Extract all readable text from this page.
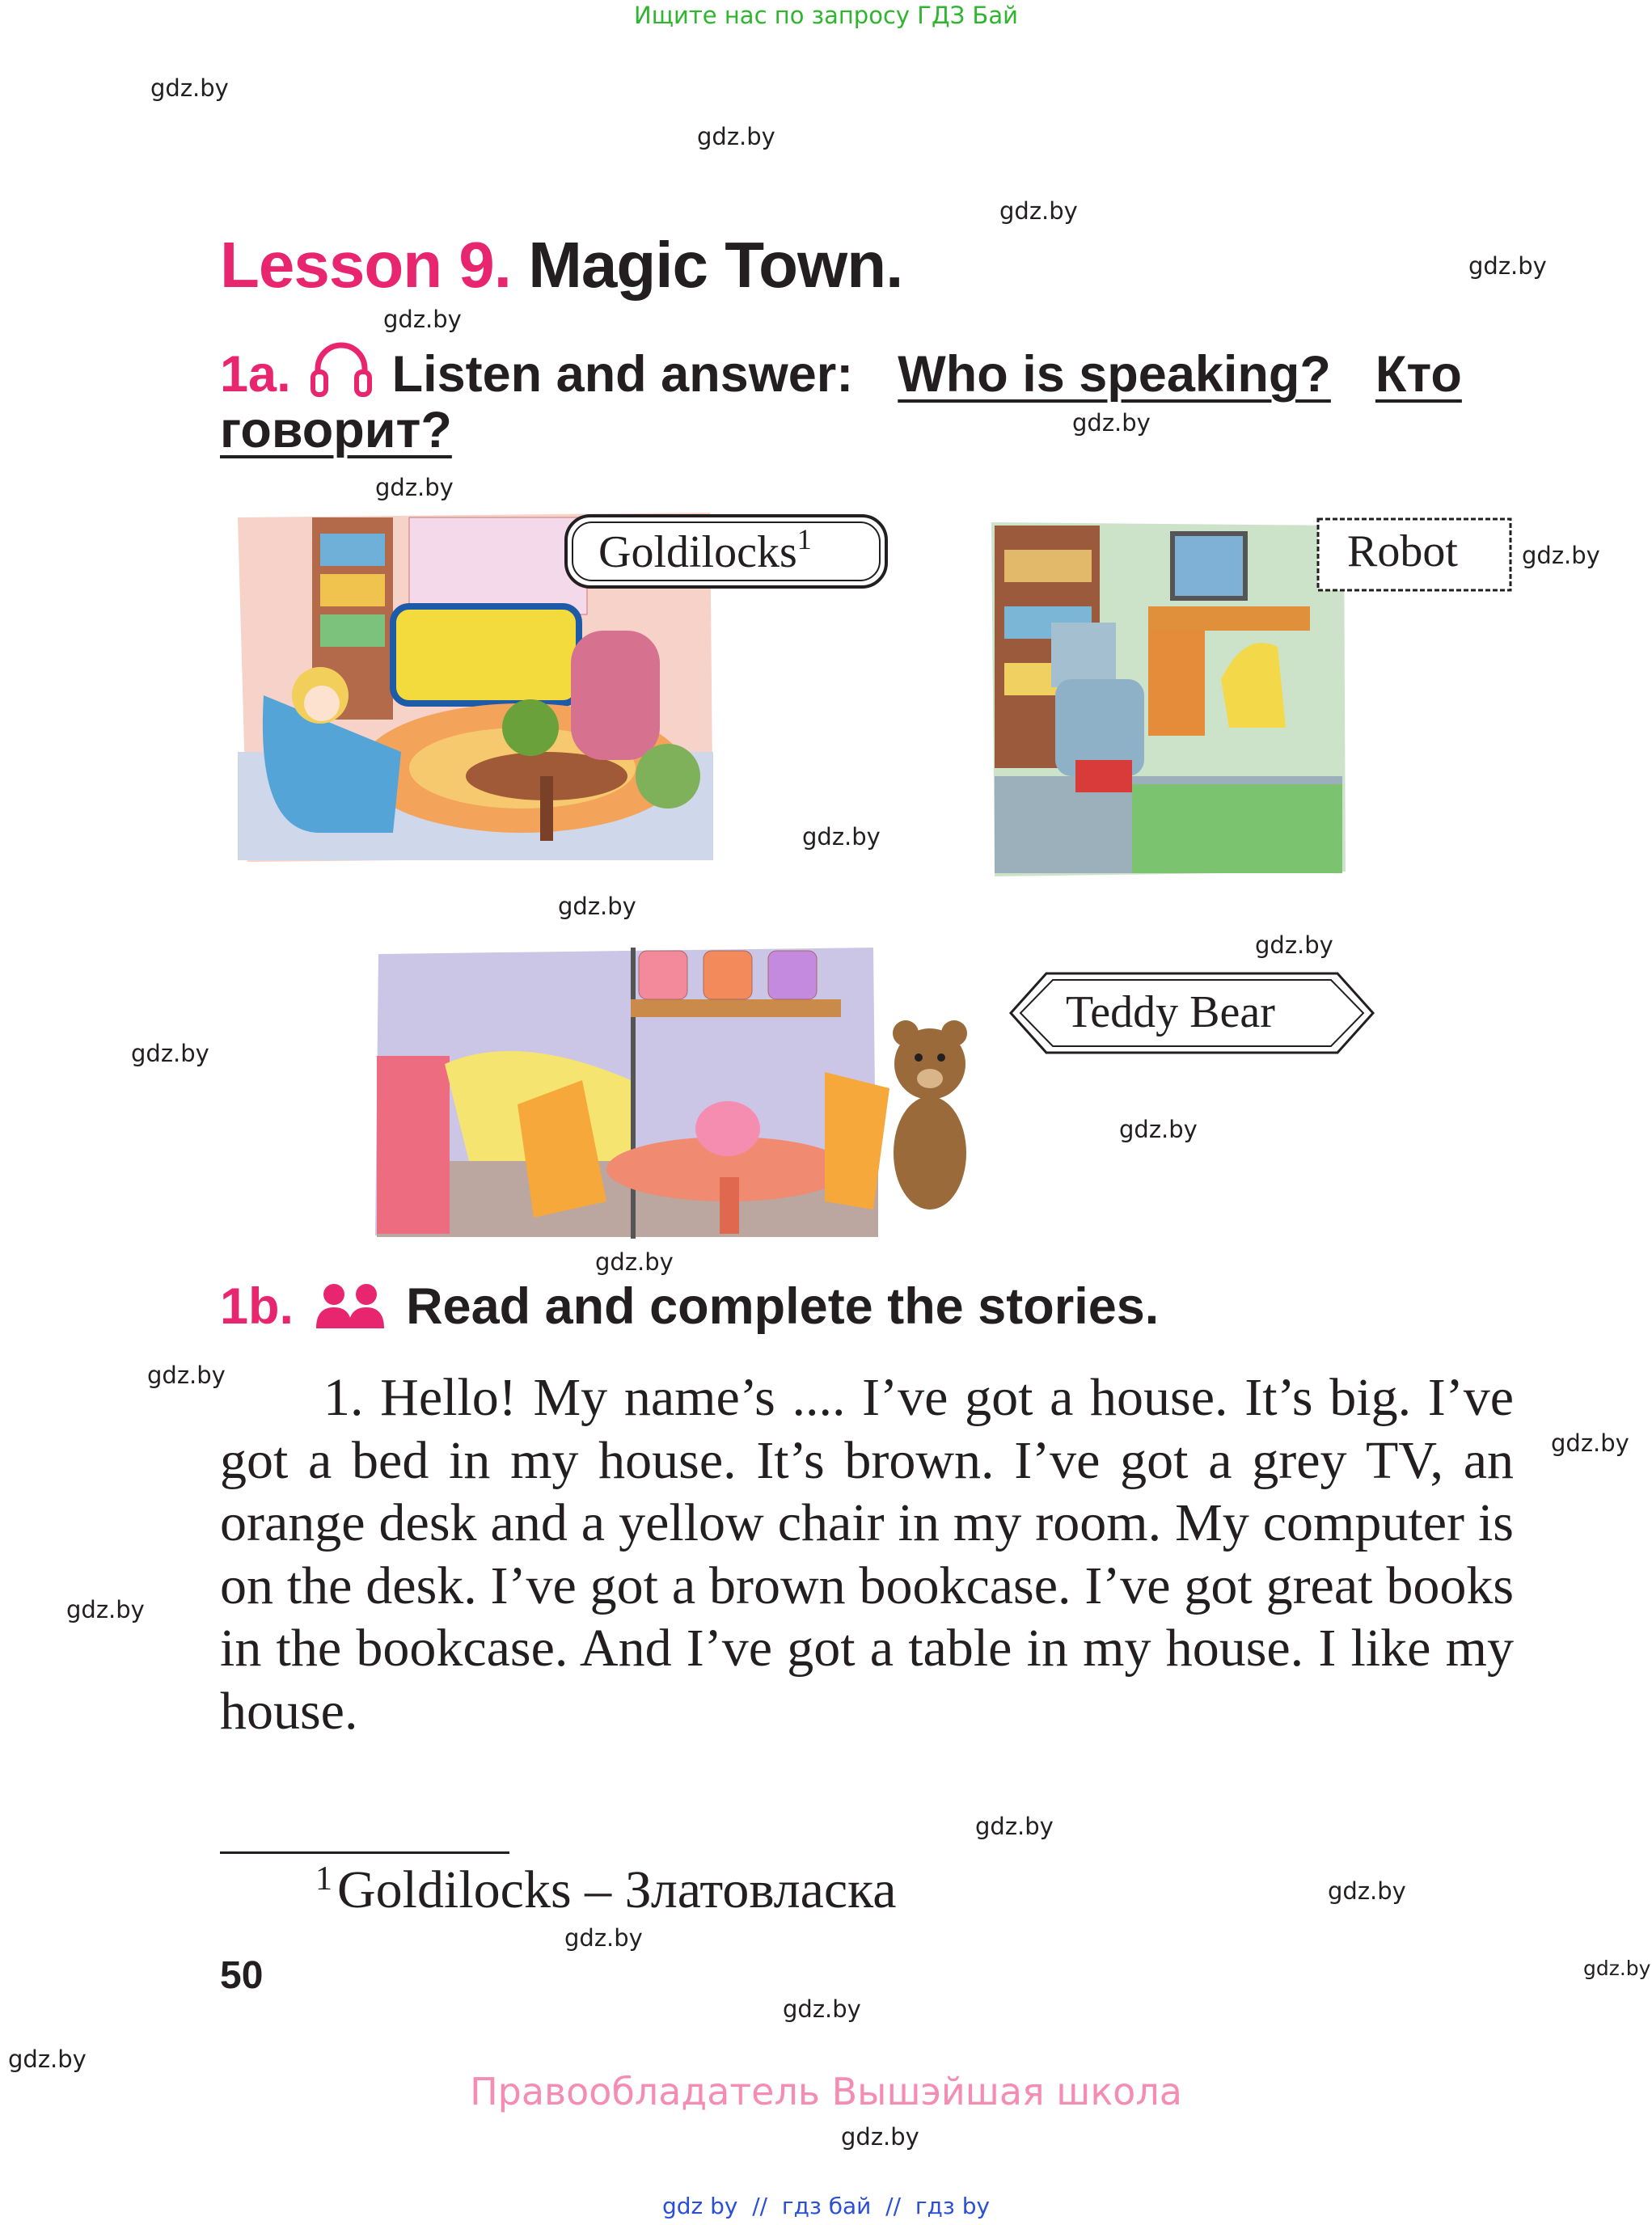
Ищите нас по запросу ГДЗ Бай
gdz.by
gdz.by
gdz.by
gdz.by
gdz.by
gdz.by
gdz.by
gdz.by
gdz.by
gdz.by
gdz.by
gdz.by
gdz.by
gdz.by
gdz.by
gdz.by
gdz.by
gdz.by
gdz.by
gdz.by
gdz.by
gdz.by
gdz.by
gdz.by
Lesson 9. Magic Town.
1a. Listen and answer: Who is speaking? Кто
говорит?
Goldilocks$^1$	Robot
Teddy Bear
1b. Read and complete the stories.
1. Hello! My name’s .... I’ve got a house. It’s big. I’ve got a bed in my house. It’s brown. I’ve got a grey TV, an orange desk and a yellow chair in my room. My computer is on the desk. I’ve got a brown bookcase. I’ve got great books in the bookcase. And I’ve got a table in my house. I like my house.
$^1$Goldilocks – Златовласка
50
Правообладатель Вышэйшая школа
gdz by  //  гдз бай  //  гдз by
